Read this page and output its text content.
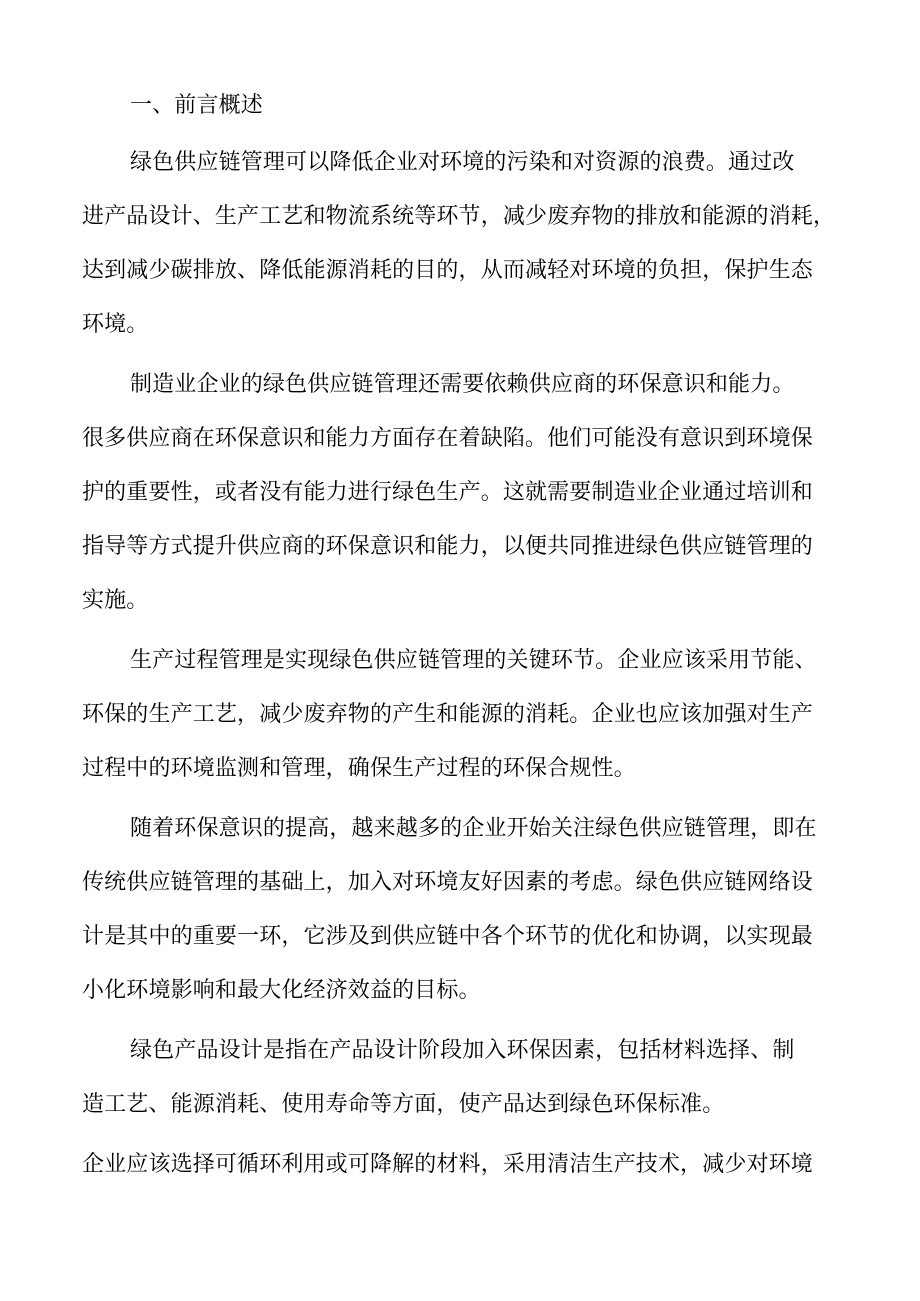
一、前言概述
绿色供应链管理可以降低企业对环境的污染和对资源的浪费。通过改
进产品设计、生产工艺和物流系统等环节，减少废弃物的排放和能源的消耗，
达到减少碳排放、降低能源消耗的目的，从而减轻对环境的负担，保护生态
环境。
制造业企业的绿色供应链管理还需要依赖供应商的环保意识和能力。
很多供应商在环保意识和能力方面存在着缺陷。他们可能没有意识到环境保
护的重要性，或者没有能力进行绿色生产。这就需要制造业企业通过培训和
指导等方式提升供应商的环保意识和能力，以便共同推进绿色供应链管理的
实施。
生产过程管理是实现绿色供应链管理的关键环节。企业应该采用节能、
环保的生产工艺，减少废弃物的产生和能源的消耗。企业也应该加强对生产
过程中的环境监测和管理，确保生产过程的环保合规性。
随着环保意识的提高，越来越多的企业开始关注绿色供应链管理，即在
传统供应链管理的基础上，加入对环境友好因素的考虑。绿色供应链网络设
计是其中的重要一环，它涉及到供应链中各个环节的优化和协调，以实现最
小化环境影响和最大化经济效益的目标。
绿色产品设计是指在产品设计阶段加入环保因素，包括材料选择、制
造工艺、能源消耗、使用寿命等方面，使产品达到绿色环保标准。
企业应该选择可循环利用或可降解的材料，采用清洁生产技术，减少对环境
